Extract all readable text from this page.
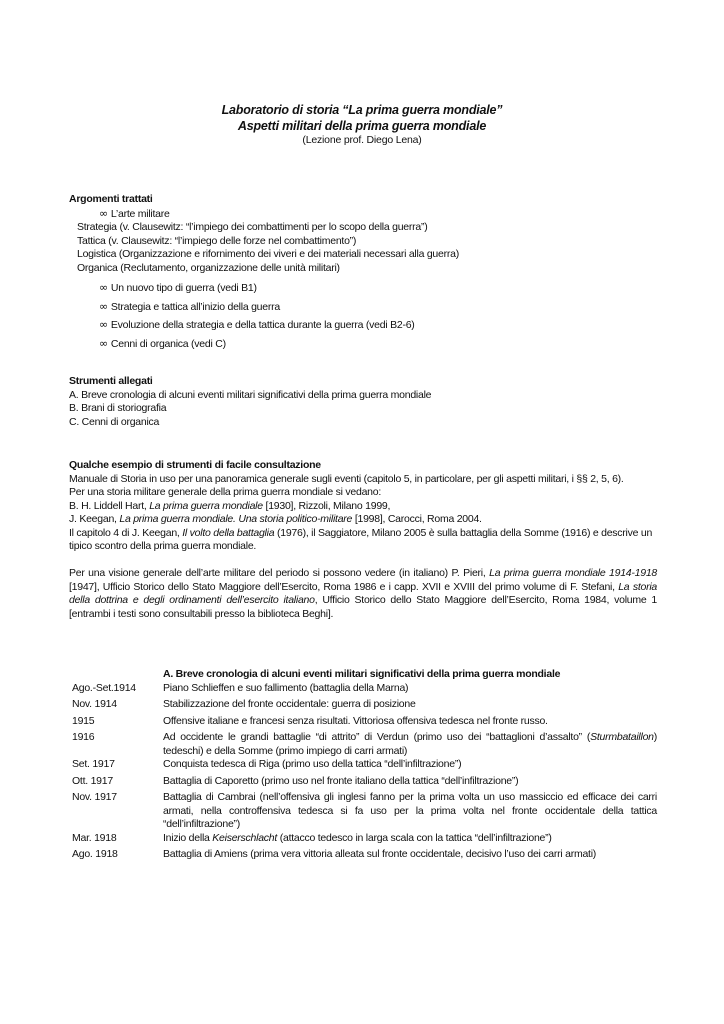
Laboratorio di storia “La prima guerra mondiale”
Aspetti militari della prima guerra mondiale
(Lezione prof. Diego Lena)
Argomenti trattati
∞ L’arte militare
Strategia (v. Clausewitz: “l’impiego dei combattimenti per lo scopo della guerra”)
Tattica (v. Clausewitz: “l’impiego delle forze nel combattimento”)
Logistica (Organizzazione e rifornimento dei viveri e dei materiali necessari alla guerra)
Organica (Reclutamento, organizzazione delle unità militari)
∞ Un nuovo tipo di guerra (vedi B1)
∞ Strategia e tattica all’inizio della guerra
∞ Evoluzione della strategia e della tattica durante la guerra (vedi B2-6)
∞ Cenni di organica (vedi C)
Strumenti allegati
A. Breve cronologia di alcuni eventi militari significativi della prima guerra mondiale
B. Brani di storiografia
C. Cenni di organica
Qualche esempio di strumenti di facile consultazione
Manuale di Storia in uso per una panoramica generale sugli eventi (capitolo 5, in particolare, per gli aspetti militari, i §§ 2, 5, 6).
Per una storia militare generale della prima guerra mondiale si vedano:
B. H. Liddell Hart, La prima guerra mondiale [1930], Rizzoli, Milano 1999,
J. Keegan, La prima guerra mondiale. Una storia politico-militare [1998], Carocci, Roma 2004.
Il capitolo 4 di J. Keegan, Il volto della battaglia (1976), il Saggiatore, Milano 2005 è sulla battaglia della Somme (1916) e descrive un tipico scontro della prima guerra mondiale.
Per una visione generale dell’arte militare del periodo si possono vedere (in italiano) P. Pieri, La prima guerra mondiale 1914-1918 [1947], Ufficio Storico dello Stato Maggiore dell’Esercito, Roma 1986 e i capp. XVII e XVIII del primo volume di F. Stefani, La storia della dottrina e degli ordinamenti dell’esercito italiano, Ufficio Storico dello Stato Maggiore dell’Esercito, Roma 1984, volume 1 [entrambi i testi sono consultabili presso la biblioteca Beghi].
A. Breve cronologia di alcuni eventi militari significativi della prima guerra mondiale
Ago.-Set.1914	Piano Schlieffen e suo fallimento (battaglia della Marna)
Nov. 1914	Stabilizzazione del fronte occidentale: guerra di posizione
1915	Offensive italiane e francesi senza risultati. Vittoriosa offensiva tedesca nel fronte russo.
1916	Ad occidente le grandi battaglie “di attrito” di Verdun (primo uso dei “battaglioni d’assalto” (Sturmbataillon) tedeschi) e della Somme (primo impiego di carri armati)
Set. 1917	Conquista tedesca di Riga (primo uso della tattica “dell’infiltrazione”)
Ott. 1917	Battaglia di Caporetto (primo uso nel fronte italiano della tattica “dell’infiltrazione”)
Nov. 1917	Battaglia di Cambrai (nell’offensiva gli inglesi fanno per la prima volta un uso massiccio ed efficace dei carri armati, nella controffensiva tedesca si fa uso per la prima volta nel fronte occidentale della tattica “dell’infiltrazione”)
Mar. 1918	Inizio della Keiserschlacht (attacco tedesco in larga scala con la tattica “dell’infiltrazione”)
Ago. 1918	Battaglia di Amiens (prima vera vittoria alleata sul fronte occidentale, decisivo l’uso dei carri armati)
